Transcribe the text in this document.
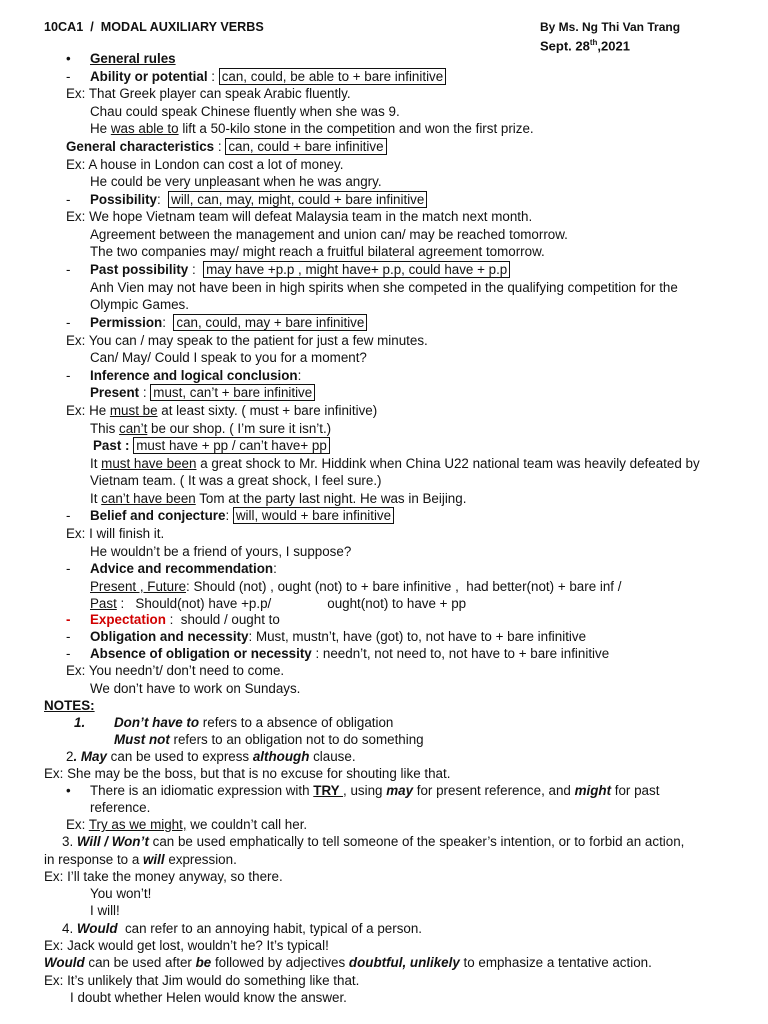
10CA1  /  MODAL AUXILIARY VERBS	By Ms. Ng Thi Van Trang
Sept. 28th,2021
• General rules
- Ability or potential : can, could, be able to + bare infinitive
Ex: That Greek player can speak Arabic fluently.
Chau could speak Chinese fluently when she was 9.
He was able to lift a 50-kilo stone in the competition and won the first prize.
General characteristics : can, could + bare infinitive
Ex: A house in London can cost a lot of money.
He could be very unpleasant when he was angry.
- Possibility:  will, can, may, might, could + bare infinitive
Ex: We hope Vietnam team will defeat Malaysia team in the match next month.
Agreement between the management and union can/ may be reached tomorrow.
The two companies may/ might reach a fruitful bilateral agreement tomorrow.
- Past possibility :  may have +p.p , might have+ p.p, could have + p.p
Anh Vien may not have been in high spirits when she competed in the qualifying competition for the
Olympic Games.
- Permission:  can, could, may + bare infinitive
Ex: You can / may speak to the patient for just a few minutes.
Can/ May/ Could I speak to you for a moment?
- Inference and logical conclusion:
Present : must, can’t + bare infinitive
Ex: He must be at least sixty. ( must + bare infinitive)
This can’t be our shop. ( I’m sure it isn’t.)
Past : must have + pp / can’t have+ pp
It must have been a great shock to Mr. Hiddink when China U22 national team was heavily defeated by
Vietnam team. ( It was a great shock, I feel sure.)
It can’t have been Tom at the party last night. He was in Beijing.
- Belief and conjecture: will, would + bare infinitive
Ex: I will finish it.
He wouldn’t be a friend of yours, I suppose?
- Advice and recommendation:
Present , Future: Should (not) , ought (not) to + bare infinitive ,  had better(not) + bare inf /
Past :   Should(not) have +p.p/	ought(not) to have + pp
- Expectation :  should / ought to
- Obligation and necessity: Must, mustn’t, have (got) to, not have to + bare infinitive
- Absence of obligation or necessity : needn’t, not need to, not have to + bare infinitive
Ex: You needn’t/ don’t need to come.
We don’t have to work on Sundays.
NOTES:
1. Don’t have to refers to a absence of obligation
Must not refers to an obligation not to do something
2. May can be used to express although clause.
Ex: She may be the boss, but that is no excuse for shouting like that.
• There is an idiomatic expression with TRY , using may for present reference, and might for past
reference.
Ex: Try as we might, we couldn’t call her.
3. Will / Won’t can be used emphatically to tell someone of the speaker’s intention, or to forbid an action,
in response to a will expression.
Ex: I’ll take the money anyway, so there.
You won’t!
I will!
4. Would  can refer to an annoying habit, typical of a person.
Ex: Jack would get lost, wouldn’t he? It’s typical!
Would can be used after be followed by adjectives doubtful, unlikely to emphasize a tentative action.
Ex: It’s unlikely that Jim would do something like that.
I doubt whether Helen would know the answer.
